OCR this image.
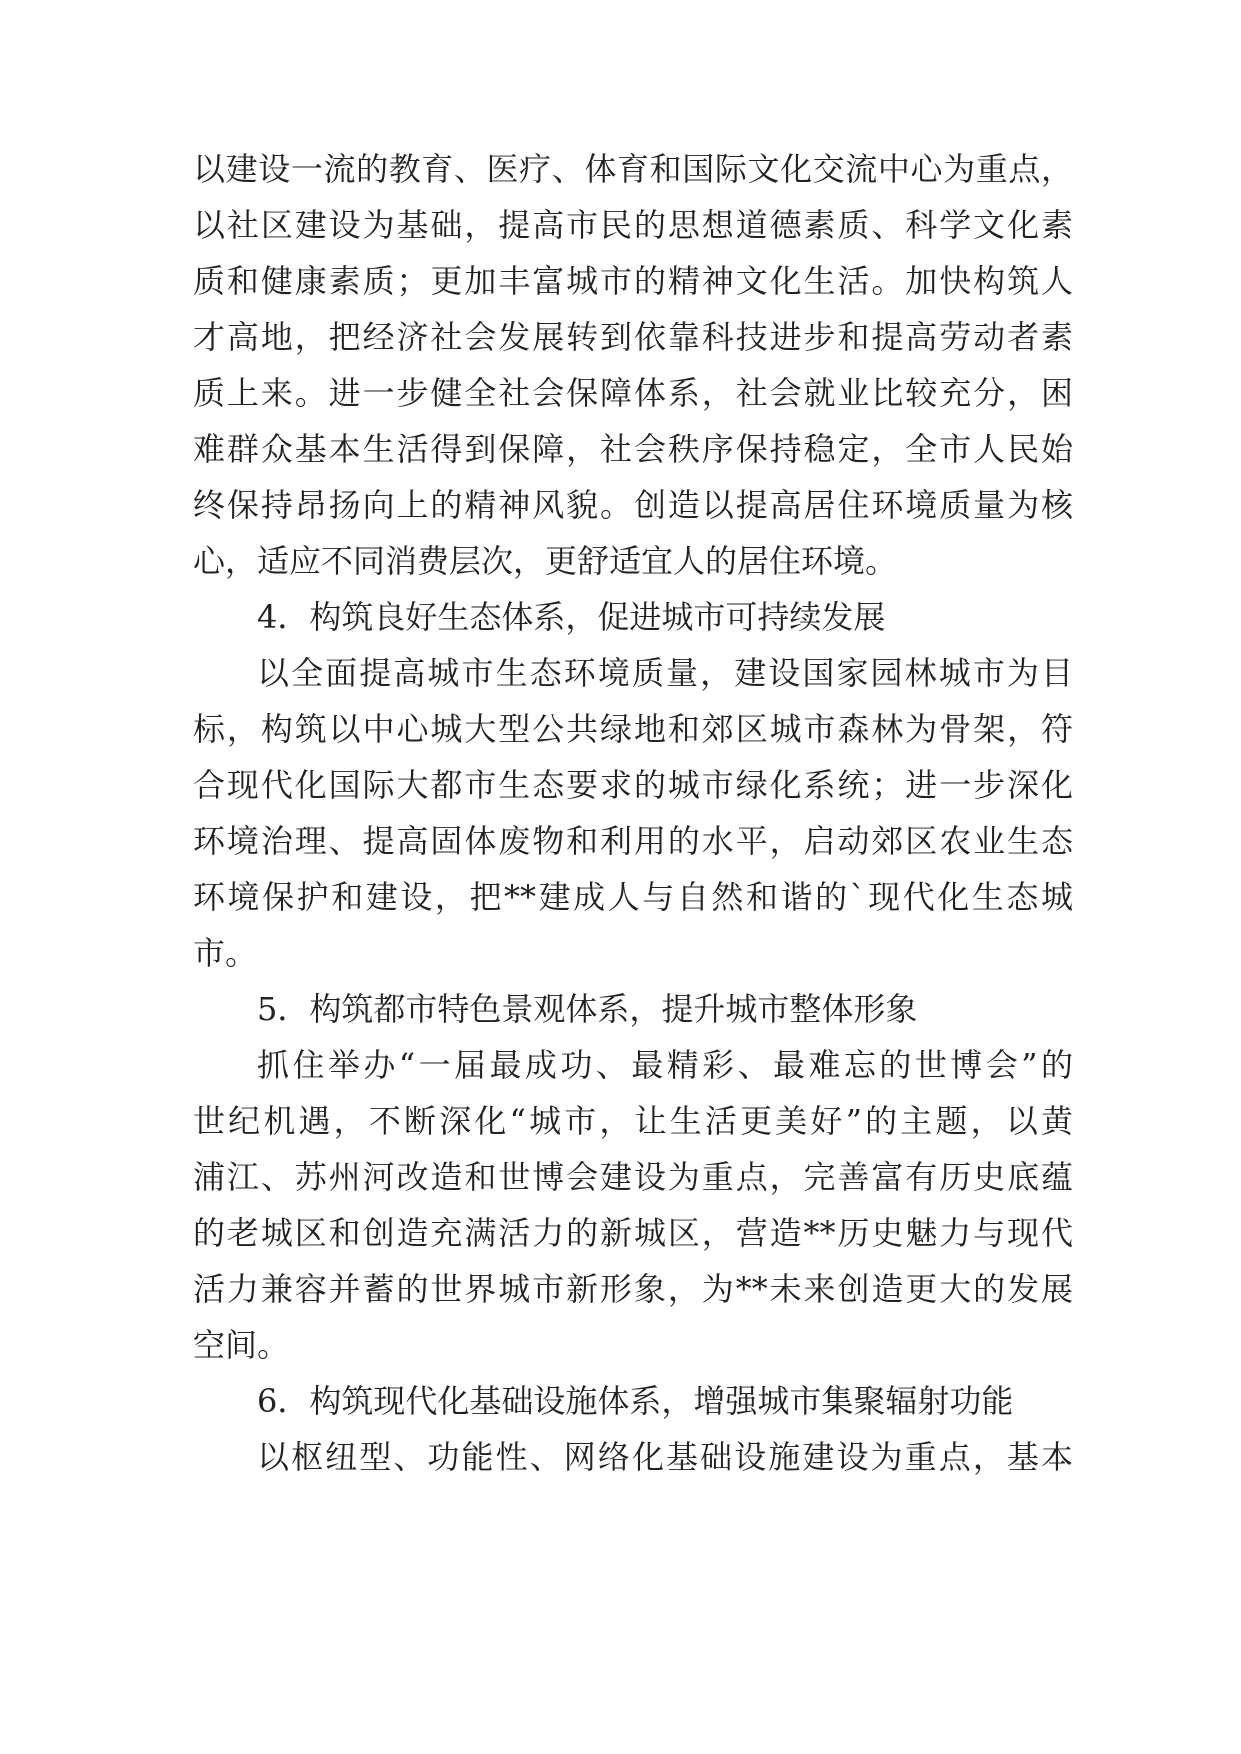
以建设一流的教育、医疗、体育和国际文化交流中心为重点，
以社区建设为基础，提高市民的思想道德素质、科学文化素
质和健康素质；更加丰富城市的精神文化生活。加快构筑人
才高地，把经济社会发展转到依靠科技进步和提高劳动者素
质上来。进一步健全社会保障体系，社会就业比较充分，困
难群众基本生活得到保障，社会秩序保持稳定，全市人民始
终保持昂扬向上的精神风貌。创造以提高居住环境质量为核
心，适应不同消费层次，更舒适宜人的居住环境。
4．构筑良好生态体系，促进城市可持续发展
以全面提高城市生态环境质量，建设国家园林城市为目
标，构筑以中心城大型公共绿地和郊区城市森林为骨架，符
合现代化国际大都市生态要求的城市绿化系统；进一步深化
环境治理、提高固体废物和利用的水平，启动郊区农业生态
环境保护和建设，把**建成人与自然和谐的`现代化生态城
市。
5．构筑都市特色景观体系，提升城市整体形象
抓住举办“一届最成功、最精彩、最难忘的世博会”的
世纪机遇，不断深化“城市，让生活更美好”的主题，以黄
浦江、苏州河改造和世博会建设为重点，完善富有历史底蕴
的老城区和创造充满活力的新城区，营造**历史魅力与现代
活力兼容并蓄的世界城市新形象，为**未来创造更大的发展
空间。
6．构筑现代化基础设施体系，增强城市集聚辐射功能
以枢纽型、功能性、网络化基础设施建设为重点，基本
